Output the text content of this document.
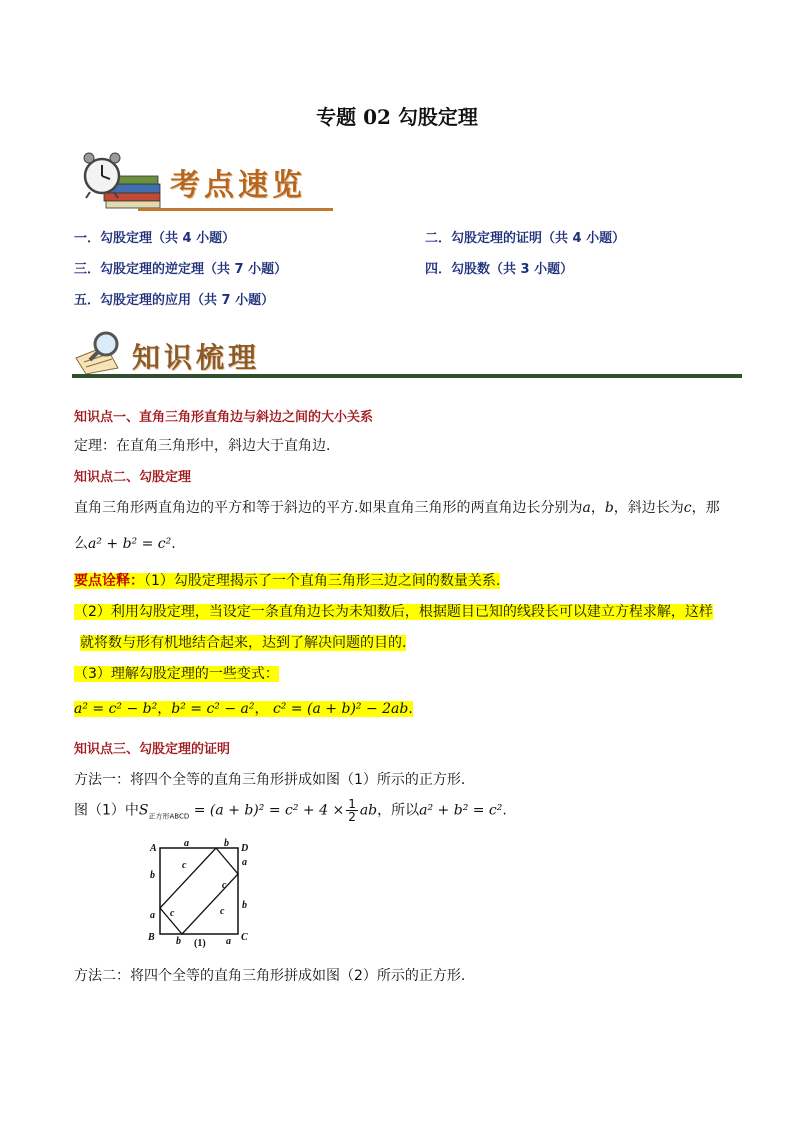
专题 02 勾股定理
考点速览
一．勾股定理（共 4 小题）	二．勾股定理的证明（共 4 小题）
三．勾股定理的逆定理（共 7 小题）	四．勾股数（共 3 小题）
五．勾股定理的应用（共 7 小题）
知识梳理
知识点一、直角三角形直角边与斜边之间的大小关系
定理：在直角三角形中，斜边大于直角边.
知识点二、勾股定理
直角三角形两直角边的平方和等于斜边的平方.如果直角三角形的两直角边长分别为a，b，斜边长为c，那
么a² + b² = c².
要点诠释：（1）勾股定理揭示了一个直角三角形三边之间的数量关系.
（2）利用勾股定理，当设定一条直角边长为未知数后，根据题目已知的线段长可以建立方程求解，这样
就将数与形有机地结合起来，达到了解决问题的目的.
（3）理解勾股定理的一些变式：
a² = c² − b²，b² = c² − a²， c² = (a + b)² − 2ab.
知识点三、勾股定理的证明
方法一：将四个全等的直角三角形拼成如图（1）所示的正方形.
图（1）中$S_{正方形ABCD} = (a + b)^2 = c^2 + 4 \times \frac{1}{2}$ ab，所以a² + b² = c².
A	D
C
B
a	b
a
b
b	a
b
a
c
c
c	c
(1)
方法二：将四个全等的直角三角形拼成如图（2）所示的正方形.
